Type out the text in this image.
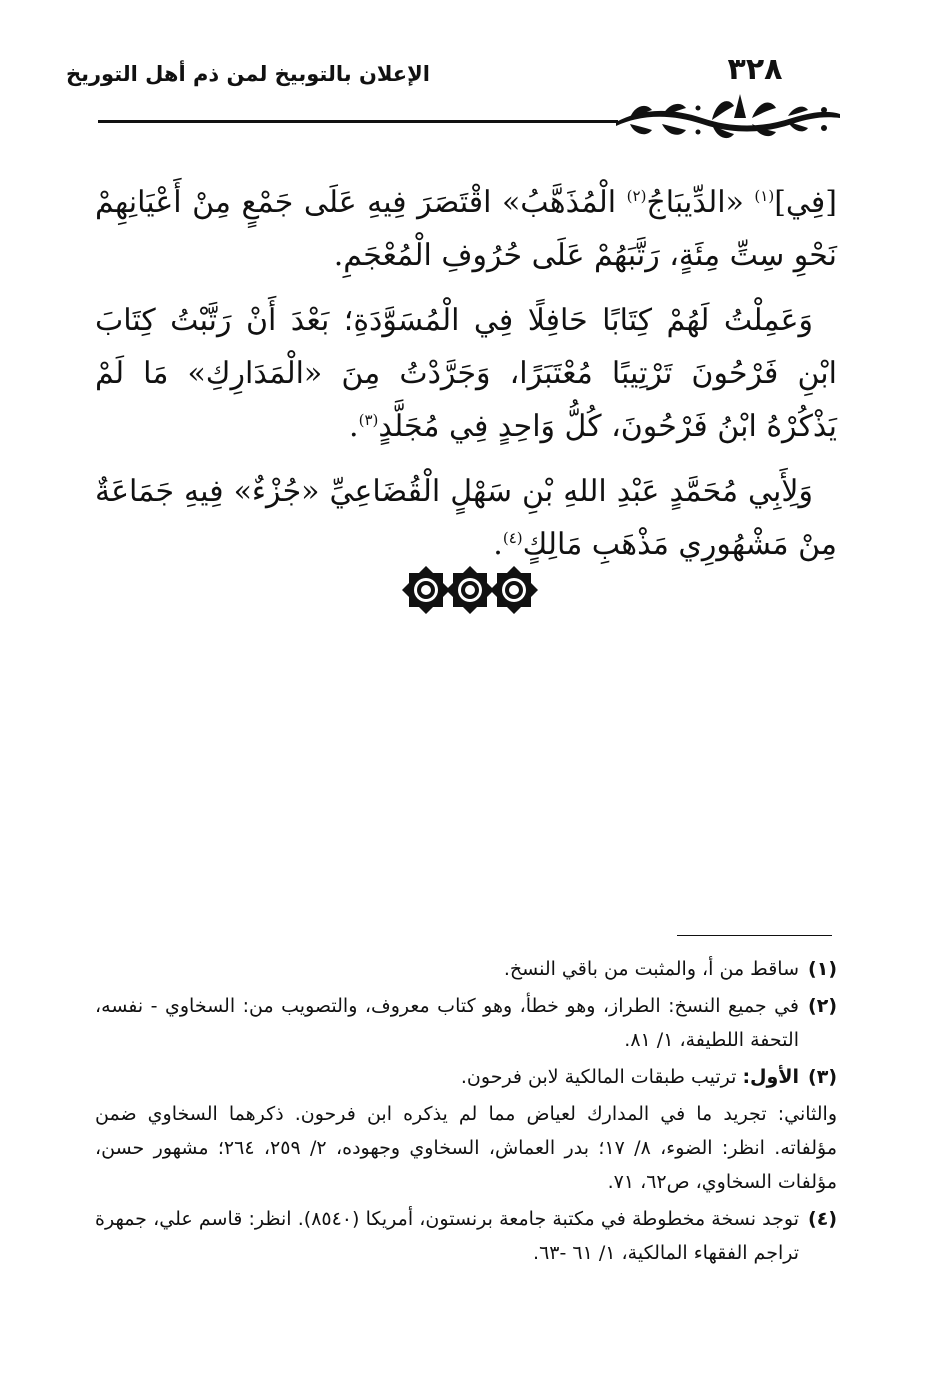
الإعلان بالتوبيخ لمن ذم أهل التوريخ	٣٢٨

[فِي]$^{(١)}$ «الدِّيبَاجُ$^{(٢)}$ الْمُذَهَّبُ» اقْتَصَرَ فِيهِ عَلَى جَمْعٍ مِنْ أَعْيَانِهِمْ نَحْوِ سِتِّ مِئَةٍ، رَتَّبَهُمْ عَلَى حُرُوفِ الْمُعْجَمِ.

وَعَمِلْتُ لَهُمْ كِتَابًا حَافِلًا فِي الْمُسَوَّدَةِ؛ بَعْدَ أَنْ رَتَّبْتُ كِتَابَ ابْنِ فَرْحُونَ تَرْتِيبًا مُعْتَبَرًا، وَجَرَّدْتُ مِنَ «الْمَدَارِكِ» مَا لَمْ يَذْكُرْهُ ابْنُ فَرْحُونَ، كُلُّ وَاحِدٍ فِي مُجَلَّدٍ$^{(٣)}$.

وَلِأَبِي مُحَمَّدٍ عَبْدِ اللهِ بْنِ سَهْلٍ الْقُضَاعِيِّ «جُزْءٌ» فِيهِ جَمَاعَةٌ مِنْ مَشْهُورِي مَذْهَبِ مَالِكٍ$^{(٤)}$.

(١)
ساقط من أ، والمثبت من باقي النسخ.

(٢)
في جميع النسخ: الطراز، وهو خطأ، وهو كتاب معروف، والتصويب من: السخاوي - نفسه، التحفة اللطيفة، ١/ ٨١.

(٣)
الأول: ترتيب طبقات المالكية لابن فرحون.

والثاني: تجريد ما في المدارك لعياض مما لم يذكره ابن فرحون. ذكرهما السخاوي ضمن مؤلفاته. انظر: الضوء، ٨/ ١٧؛ بدر العماش، السخاوي وجهوده، ٢/ ٢٥٩، ٢٦٤؛ مشهور حسن، مؤلفات السخاوي، ص٦٢، ٧١.

(٤)
توجد نسخة مخطوطة في مكتبة جامعة برنستون، أمريكا (٨٥٤٠). انظر: قاسم علي، جمهرة تراجم الفقهاء المالكية، ١/ ٦١ -٦٣.
